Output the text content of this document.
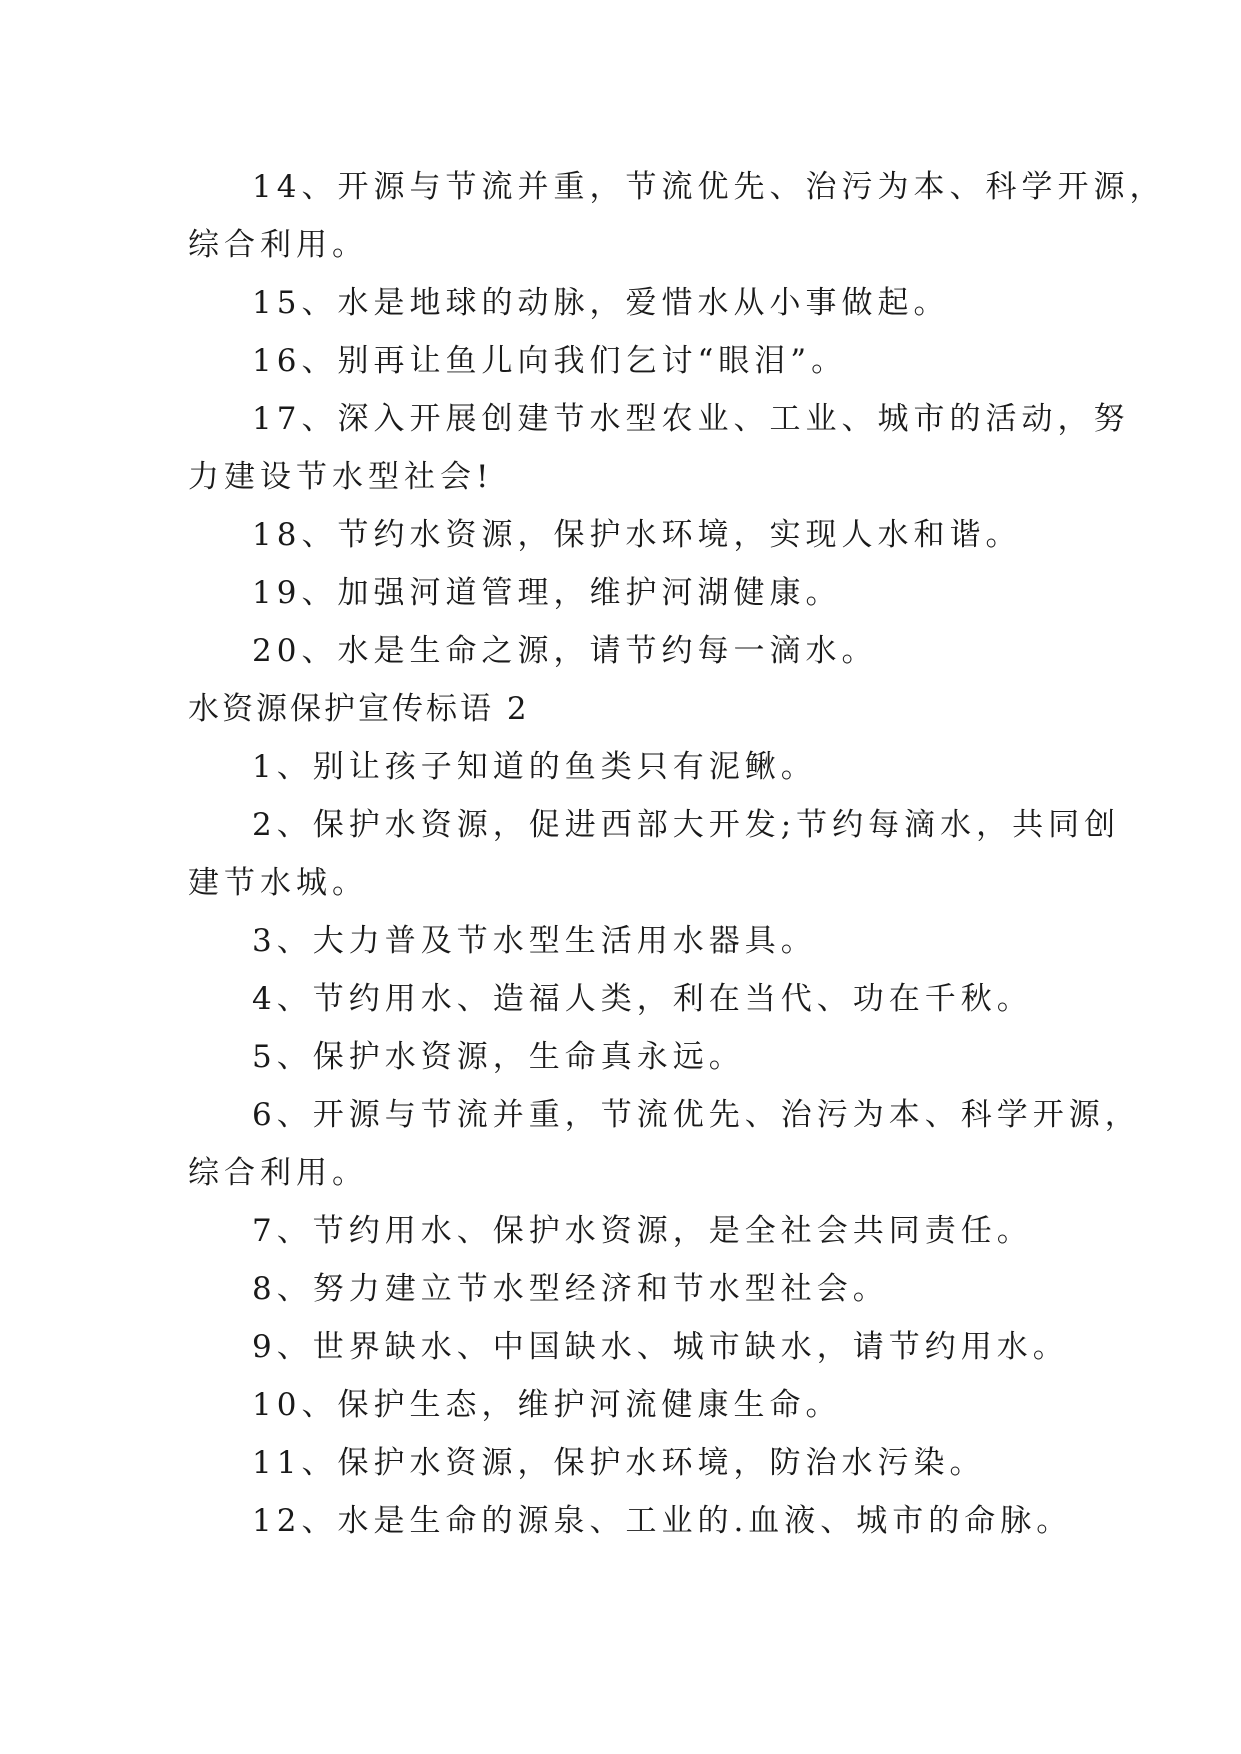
14、开源与节流并重，节流优先、治污为本、科学开源，

综合利用。

15、水是地球的动脉，爱惜水从小事做起。

16、别再让鱼儿向我们乞讨“眼泪”。

17、深入开展创建节水型农业、工业、城市的活动，努

力建设节水型社会!

18、节约水资源，保护水环境，实现人水和谐。

19、加强河道管理，维护河湖健康。

20、水是生命之源，请节约每一滴水。

水资源保护宣传标语 2

1、别让孩子知道的鱼类只有泥鳅。

2、保护水资源，促进西部大开发;节约每滴水，共同创

建节水城。

3、大力普及节水型生活用水器具。

4、节约用水、造福人类，利在当代、功在千秋。

5、保护水资源，生命真永远。

6、开源与节流并重，节流优先、治污为本、科学开源，

综合利用。

7、节约用水、保护水资源，是全社会共同责任。

8、努力建立节水型经济和节水型社会。

9、世界缺水、中国缺水、城市缺水，请节约用水。

10、保护生态，维护河流健康生命。

11、保护水资源，保护水环境，防治水污染。

12、水是生命的源泉、工业的.血液、城市的命脉。
